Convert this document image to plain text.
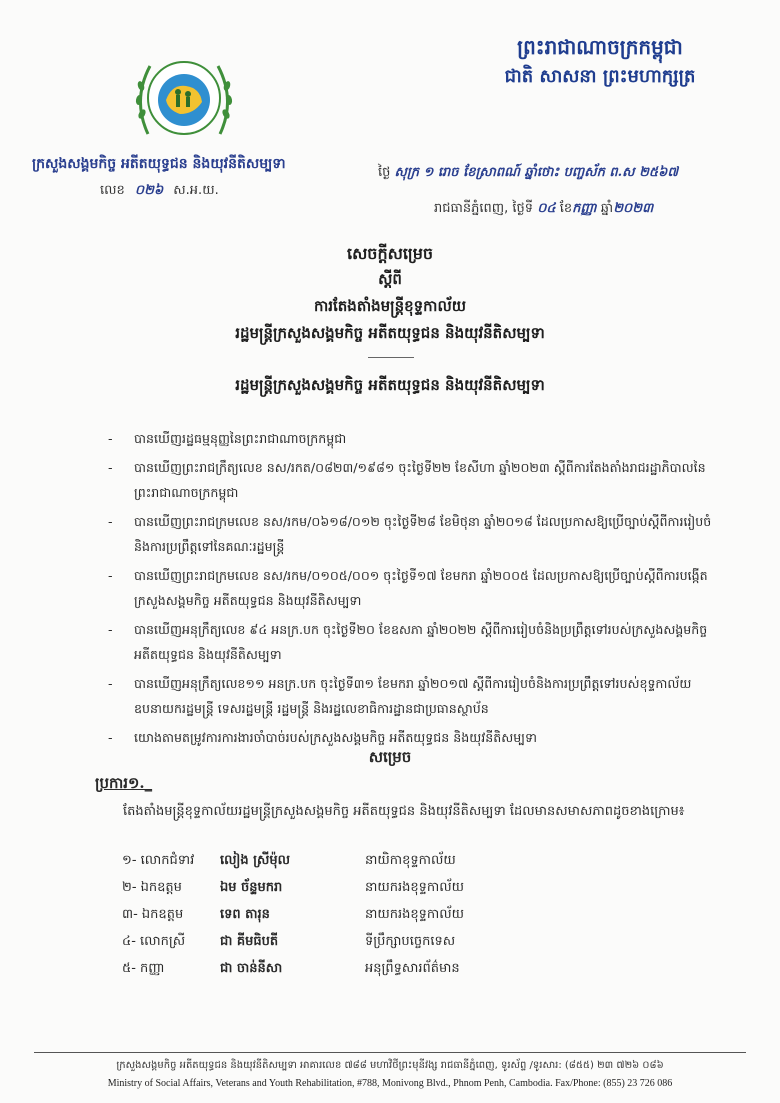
ព្រះរាជាណាចក្រកម្ពុជា
ជាតិ សាសនា ព្រះមហាក្សត្រ
ក្រសួងសង្គមកិច្ច អតីតយុទ្ធជន និងយុវនីតិសម្បទា
លេខ ០២៦ ស.អ.យ.
ថ្ងៃ សុក្រ ១ រោច ខែស្រាពណ៍ ឆ្នាំថោះ បញ្ចស័ក ព.ស ២៥៦៧
រាជធានីភ្នំពេញ, ថ្ងៃទី ០៤ ខែកញ្ញា ឆ្នាំ២០២៣
សេចក្តីសម្រេច
ស្តីពី
ការតែងតាំងមន្ត្រីខុទ្ទកាល័យ
រដ្ឋមន្ត្រីក្រសួងសង្គមកិច្ច អតីតយុទ្ធជន និងយុវនីតិសម្បទា
រដ្ឋមន្ត្រីក្រសួងសង្គមកិច្ច អតីតយុទ្ធជន និងយុវនីតិសម្បទា
-	បានឃើញរដ្ឋធម្មនុញ្ញនៃព្រះរាជាណាចក្រកម្ពុជា
-	បានឃើញព្រះរាជក្រឹត្យលេខ នស/រកត/០៨២៣/១៩៨១ ចុះថ្ងៃទី២២ ខែសីហា ឆ្នាំ២០២៣ ស្តីពីការតែងតាំងរាជរដ្ឋាភិបាលនៃព្រះរាជាណាចក្រកម្ពុជា
-	បានឃើញព្រះរាជក្រមលេខ នស/រកម/០៦១៨/០១២ ចុះថ្ងៃទី២៨ ខែមិថុនា ឆ្នាំ២០១៨ ដែលប្រកាសឱ្យប្រើច្បាប់ស្តីពីការរៀបចំ និងការប្រព្រឹត្តទៅនៃគណៈរដ្ឋមន្ត្រី
-	បានឃើញព្រះរាជក្រមលេខ នស/រកម/០១០៥/០០១ ចុះថ្ងៃទី១៧ ខែមករា ឆ្នាំ២០០៥ ដែលប្រកាសឱ្យប្រើច្បាប់ស្តីពីការបង្កើតក្រសួងសង្គមកិច្ច អតីតយុទ្ធជន និងយុវនីតិសម្បទា
-	បានឃើញអនុក្រឹត្យលេខ ៩៤ អនក្រ.បក ចុះថ្ងៃទី២០ ខែឧសភា ឆ្នាំ២០២២ ស្តីពីការរៀបចំនិងប្រព្រឹត្តទៅរបស់ក្រសួងសង្គមកិច្ច អតីតយុទ្ធជន និងយុវនីតិសម្បទា
-	បានឃើញអនុក្រឹត្យលេខ១១ អនក្រ.បក ចុះថ្ងៃទី៣១ ខែមករា ឆ្នាំ២០១៧ ស្តីពីការរៀបចំនិងការប្រព្រឹត្តទៅរបស់ខុទ្ទកាល័យឧបនាយករដ្ឋមន្ត្រី ទេសរដ្ឋមន្ត្រី រដ្ឋមន្ត្រី និងរដ្ឋលេខាធិការដ្ឋានជាប្រធានស្ថាប័ន
-	យោងតាមតម្រូវការការងារចាំបាច់របស់ក្រសួងសង្គមកិច្ច អតីតយុទ្ធជន និងយុវនីតិសម្បទា
សម្រេច
ប្រការ១._
តែងតាំងមន្ត្រីខុទ្ទកាល័យរដ្ឋមន្ត្រីក្រសួងសង្គមកិច្ច អតីតយុទ្ធជន និងយុវនីតិសម្បទា ដែលមានសមាសភាពដូចខាងក្រោម៖
១- លោកជំទាវ	លៀង ស្រីម៉ុល	នាយិកាខុទ្ទកាល័យ
២- ឯកឧត្តម	ឯម ច័ន្ទមករា	នាយករងខុទ្ទកាល័យ
៣- ឯកឧត្តម	ទេព តារុន	នាយករងខុទ្ទកាល័យ
៤- លោកស្រី	ជា គីមធិបតី	ទីប្រឹក្សាបច្ចេកទេស
៥- កញ្ញា	ជា ចាន់នីសា	អនុព្រឹទ្ធសារព័ត៌មាន
ក្រសួងសង្គមកិច្ច អតីតយុទ្ធជន និងយុវនីតិសម្បទា អាគារលេខ ៧៨៨ មហាវិថីព្រះមុនីវង្ស រាជធានីភ្នំពេញ, ទូរស័ព្ទ /ទូរសារ: (៨៥៥) ២៣ ៧២៦ ០៨៦
Ministry of Social Affairs, Veterans and Youth Rehabilitation, #788, Monivong Blvd., Phnom Penh, Cambodia. Fax/Phone: (855) 23 726 086
